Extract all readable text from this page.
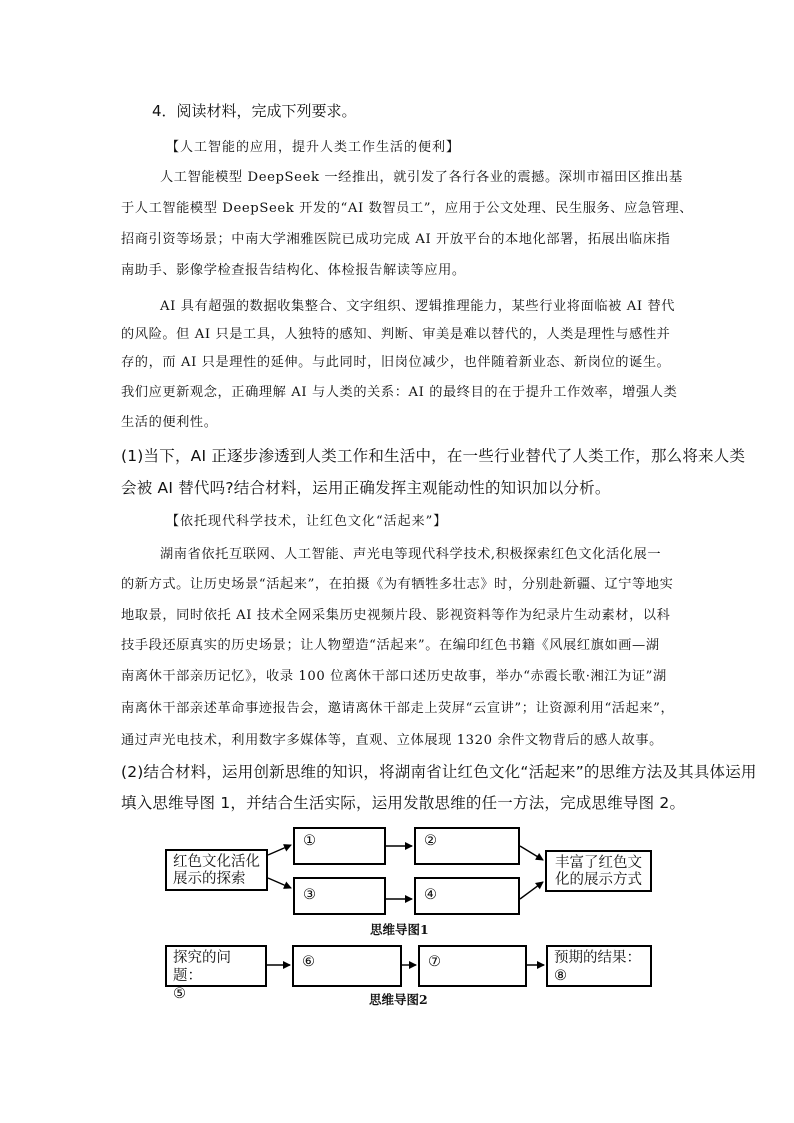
4．阅读材料，完成下列要求。
【人工智能的应用，提升人类工作生活的便利】
人工智能模型 DeepSeek 一经推出，就引发了各行各业的震撼。深圳市福田区推出基
于人工智能模型 DeepSeek 开发的“AI 数智员工”，应用于公文处理、民生服务、应急管理、
招商引资等场景；中南大学湘雅医院已成功完成 AI 开放平台的本地化部署，拓展出临床指
南助手、影像学检查报告结构化、体检报告解读等应用。
AI 具有超强的数据收集整合、文字组织、逻辑推理能力，某些行业将面临被 AI 替代
的风险。但 AI 只是工具，人独特的感知、判断、审美是难以替代的，人类是理性与感性并
存的，而 AI 只是理性的延伸。与此同时，旧岗位减少，也伴随着新业态、新岗位的诞生。
我们应更新观念，正确理解 AI 与人类的关系：AI 的最终目的在于提升工作效率，增强人类
生活的便利性。
(1)当下，AI 正逐步渗透到人类工作和生活中，在一些行业替代了人类工作，那么将来人类
会被 AI 替代吗?结合材料，运用正确发挥主观能动性的知识加以分析。
【依托现代科学技术，让红色文化“活起来”】
湖南省依托互联网、人工智能、声光电等现代科学技术,积极探索红色文化活化展一
的新方式。让历史场景“活起来”，在拍摄《为有牺牲多壮志》时，分别赴新疆、辽宁等地实
地取景，同时依托 AI 技术全网采集历史视频片段、影视资料等作为纪录片生动素材，以科
技手段还原真实的历史场景；让人物塑造“活起来”。在编印红色书籍《风展红旗如画—湖
南离休干部亲历记忆》，收录 100 位离休干部口述历史故事，举办“赤霞长歌·湘江为证”湖
南离休干部亲述革命事迹报告会，邀请离休干部走上荧屏“云宣讲”；让资源利用“活起来”，
通过声光电技术，利用数字多媒体等，直观、立体展现 1320 余件文物背后的感人故事。
(2)结合材料，运用创新思维的知识，将湖南省让红色文化“活起来”的思维方法及其具体运用
填入思维导图 1，并结合生活实际，运用发散思维的任一方法，完成思维导图 2。
红色文化活化
展示的探索
①	②
③	④
丰富了红色文
化的展示方式
思维导图1
探究的问题：
⑤
⑥	⑦	预期的结果：
⑧
思维导图2
